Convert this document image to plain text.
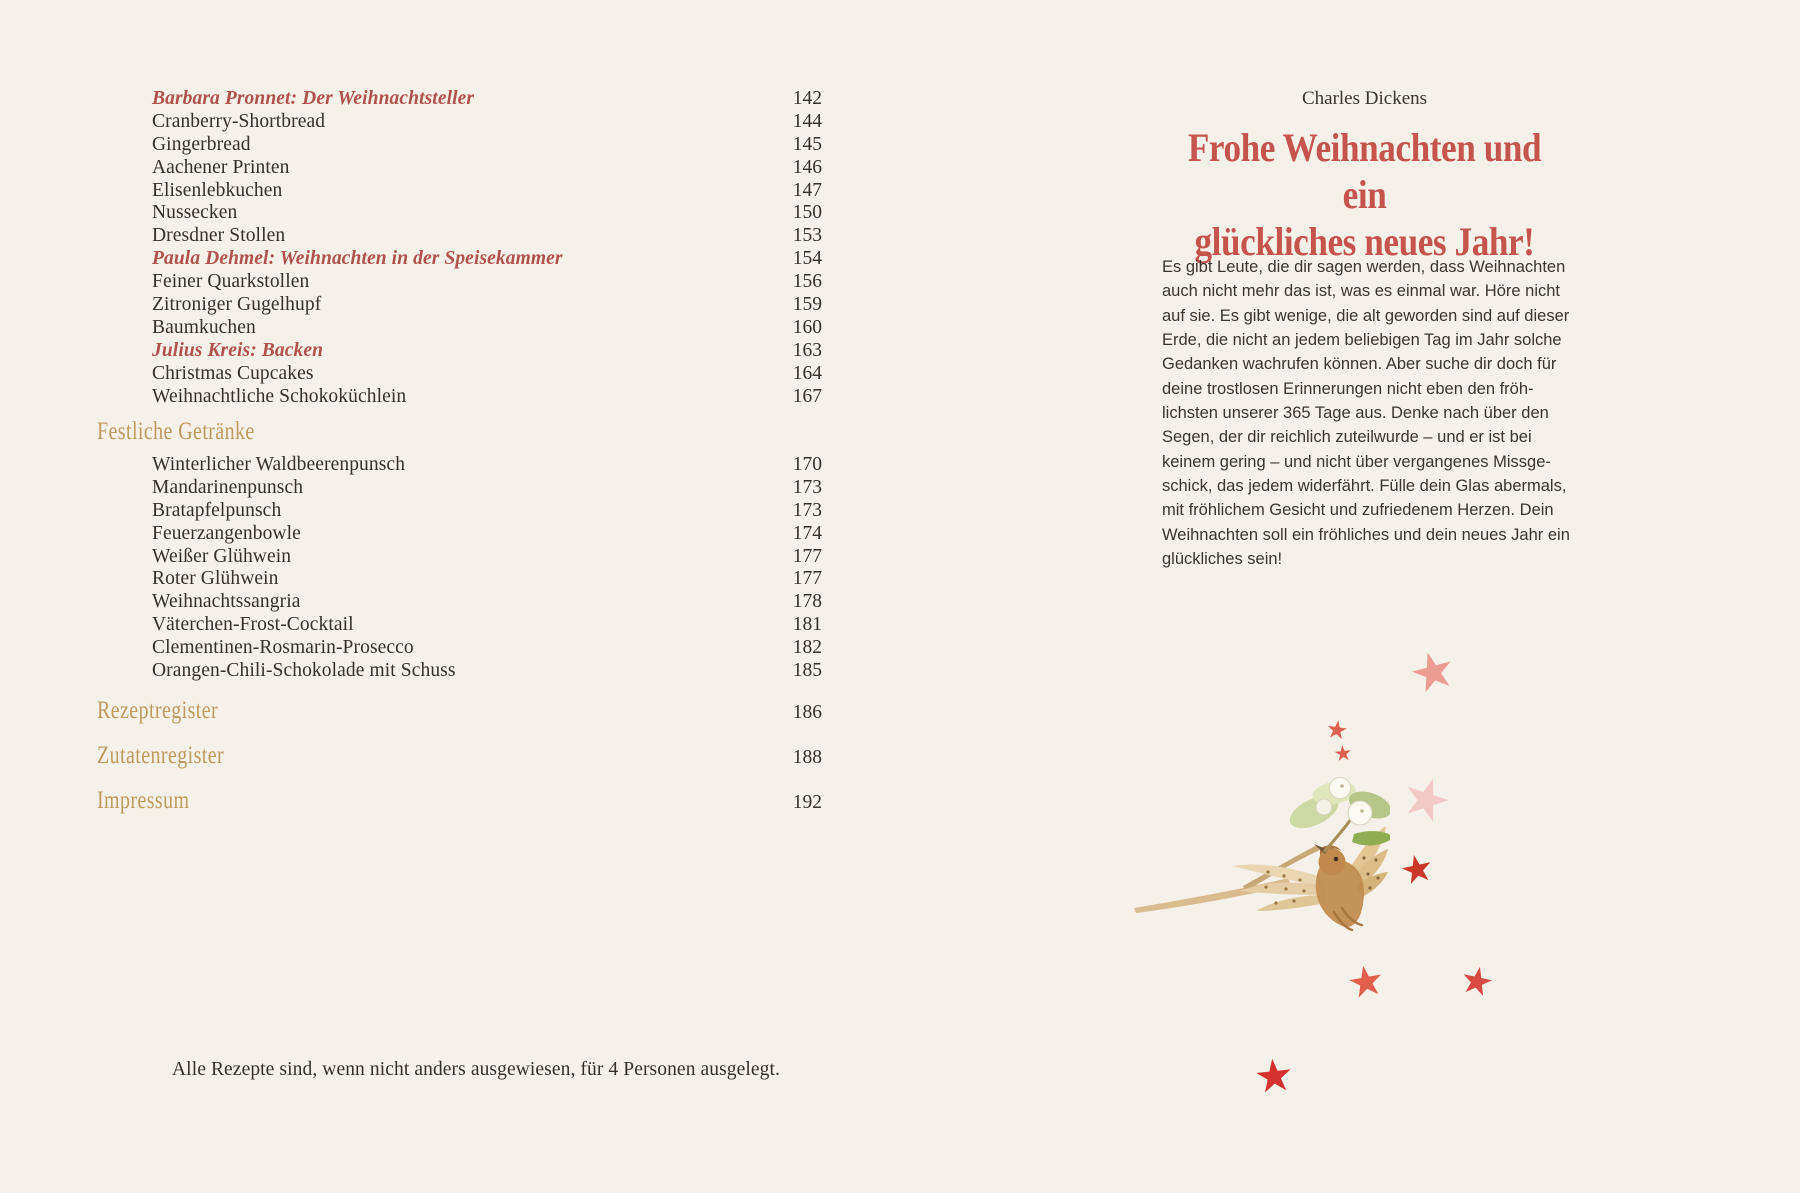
Barbara Pronnet: Der Weihnachtsteller	142
Cranberry-Shortbread	144
Gingerbread	145
Aachener Printen	146
Elisenlebkuchen	147
Nussecken	150
Dresdner Stollen	153
Paula Dehmel: Weihnachten in der Speisekammer	154
Feiner Quarkstollen	156
Zitroniger Gugelhupf	159
Baumkuchen	160
Julius Kreis: Backen	163
Christmas Cupcakes	164
Weihnachtliche Schokoküchlein	167
Festliche Getränke
Winterlicher Waldbeerenpunsch	170
Mandarinenpunsch	173
Bratapfelpunsch	173
Feuerzangenbowle	174
Weißer Glühwein	177
Roter Glühwein	177
Weihnachtssangria	178
Väterchen-Frost-Cocktail	181
Clementinen-Rosmarin-Prosecco	182
Orangen-Chili-Schokolade mit Schuss	185
Rezeptregister	186
Zutatenregister	188
Impressum	192
Alle Rezepte sind, wenn nicht anders ausgewiesen, für 4 Personen ausgelegt.
Charles Dickens
Frohe Weihnachten und ein
glückliches neues Jahr!
Es gibt Leute, die dir sagen werden, dass Weihnachten
auch nicht mehr das ist, was es einmal war. Höre nicht
auf sie. Es gibt wenige, die alt geworden sind auf dieser
Erde, die nicht an jedem beliebigen Tag im Jahr solche
Gedanken wachrufen können. Aber suche dir doch für
deine trostlosen Erinnerungen nicht eben den fröh-
lichsten unserer 365 Tage aus. Denke nach über den
Segen, der dir reichlich zuteilwurde – und er ist bei
keinem gering – und nicht über vergangenes Missge-
schick, das jedem widerfährt. Fülle dein Glas abermals,
mit fröhlichem Gesicht und zufriedenem Herzen. Dein
Weihnachten soll ein fröhliches und dein neues Jahr ein
glückliches sein!
★
★
★
★
★
★ ★
★
